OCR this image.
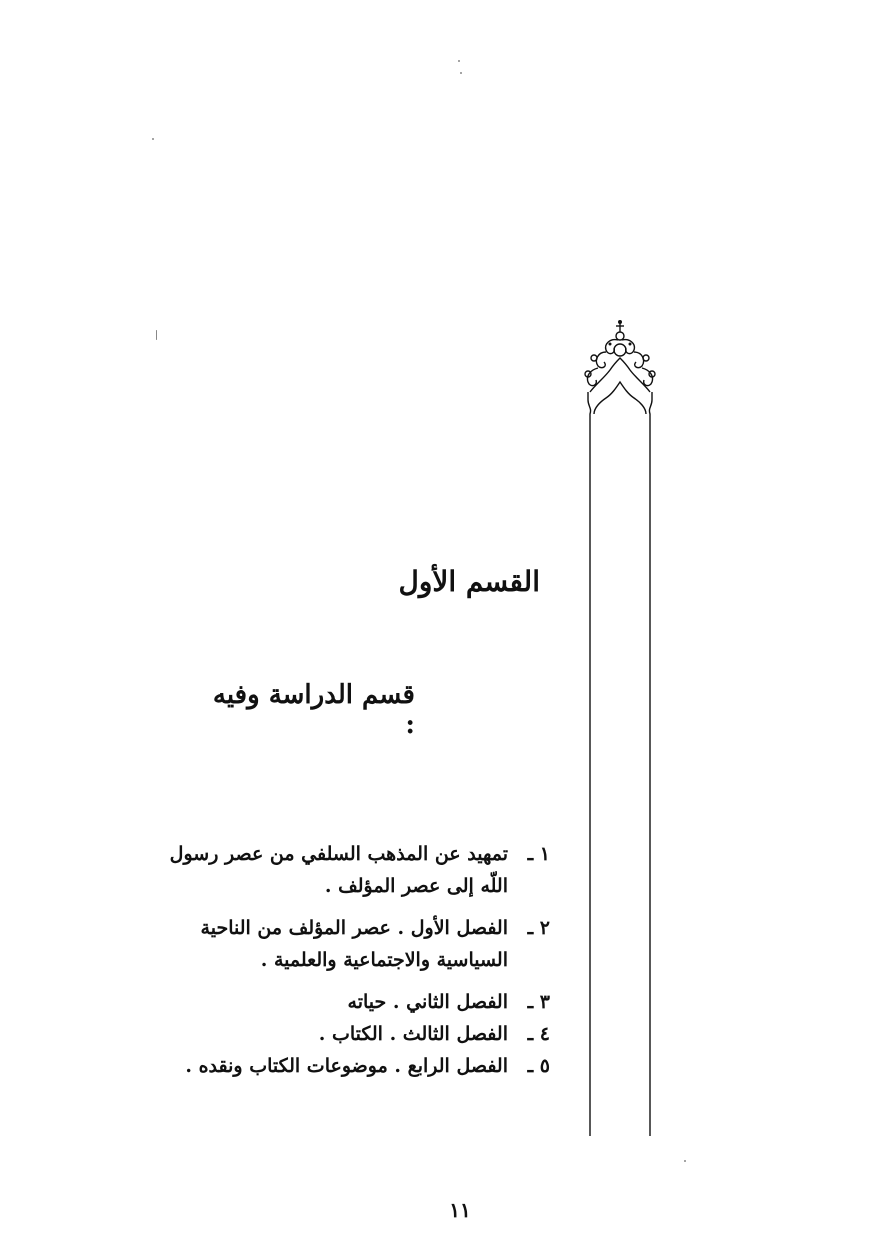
القسم الأول
قسم الدراسة وفيه :
١ ـ
تمهيد عن المذهب السلفي من عصر رسول اللّه إلى عصر المؤلف .
٢ ـ
الفصل الأول . عصر المؤلف من الناحية السياسية والاجتماعية والعلمية .
٣ ـ
الفصل الثاني . حياته
٤ ـ
الفصل الثالث . الكتاب .
٥ ـ
الفصل الرابع . موضوعات الكتاب ونقده .
١١
